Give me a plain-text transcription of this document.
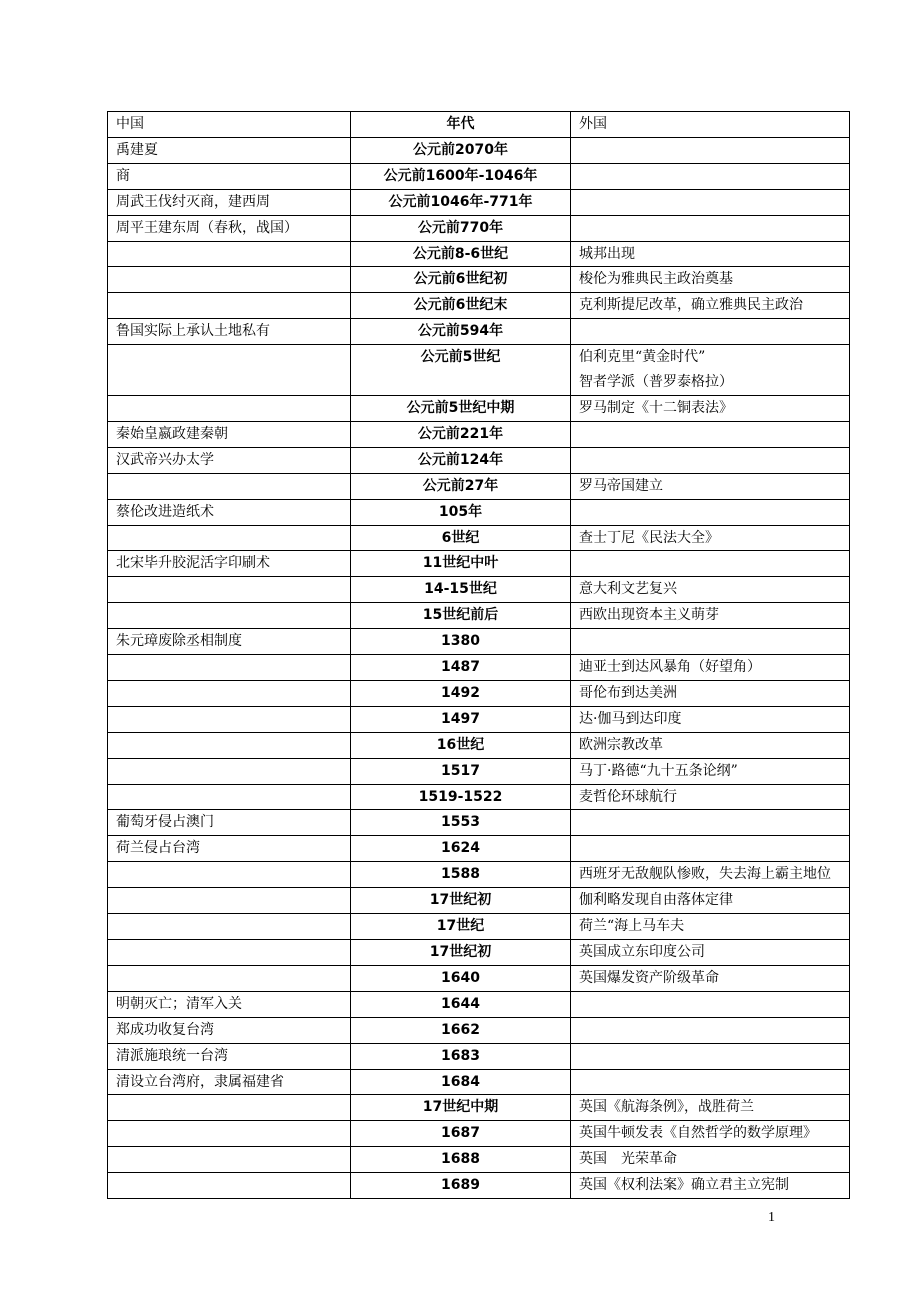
中国	年代	外国
禹建夏	公元前2070年	

商	公元前1600年-1046年	

周武王伐纣灭商，建西周	公元前1046年-771年	

周平王建东周（春秋，战国）	公元前770年	

	公元前8-6世纪	城邦出现

	公元前6世纪初	梭伦为雅典民主政治奠基

	公元前6世纪末	克利斯提尼改革，确立雅典民主政治

鲁国实际上承认土地私有	公元前594年	

	公元前5世纪	伯利克里“黄金时代”
智者学派（普罗泰格拉）

	公元前5世纪中期	罗马制定《十二铜表法》

秦始皇嬴政建秦朝	公元前221年	

汉武帝兴办太学	公元前124年	

	公元前27年	罗马帝国建立

蔡伦改进造纸术	105年	

	6世纪	查士丁尼《民法大全》

北宋毕升胶泥活字印刷术	11世纪中叶	

	14-15世纪	意大利文艺复兴

	15世纪前后	西欧出现资本主义萌芽

朱元璋废除丞相制度	1380	

	1487	迪亚士到达风暴角（好望角）

	1492	哥伦布到达美洲

	1497	达·伽马到达印度

	16世纪	欧洲宗教改革

	1517	马丁·路德“九十五条论纲”

	1519-1522	麦哲伦环球航行

葡萄牙侵占澳门	1553	

荷兰侵占台湾	1624	

	1588	西班牙无敌舰队惨败，失去海上霸主地位

	17世纪初	伽利略发现自由落体定律

	17世纪	荷兰“海上马车夫

	17世纪初	英国成立东印度公司

	1640	英国爆发资产阶级革命

明朝灭亡；清军入关	1644	

郑成功收复台湾	1662	

清派施琅统一台湾	1683	

清设立台湾府，隶属福建省	1684	

	17世纪中期	英国《航海条例》，战胜荷兰

	1687	英国牛顿发表《自然哲学的数学原理》

	1688	英国　光荣革命

	1689	英国《权利法案》确立君主立宪制
1
